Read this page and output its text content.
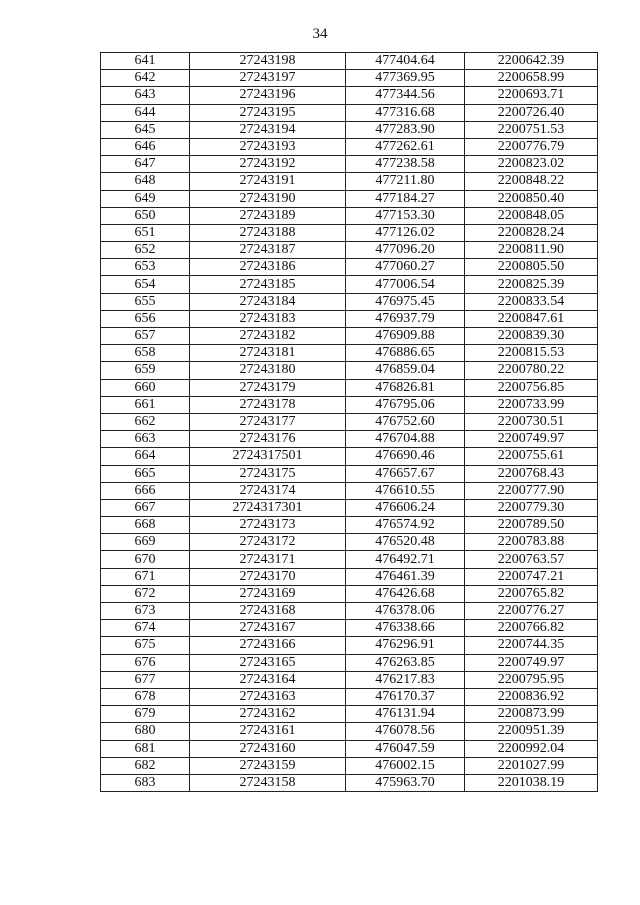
34
641	27243198	477404.64	2200642.39
642	27243197	477369.95	2200658.99
643	27243196	477344.56	2200693.71
644	27243195	477316.68	2200726.40
645	27243194	477283.90	2200751.53
646	27243193	477262.61	2200776.79
647	27243192	477238.58	2200823.02
648	27243191	477211.80	2200848.22
649	27243190	477184.27	2200850.40
650	27243189	477153.30	2200848.05
651	27243188	477126.02	2200828.24
652	27243187	477096.20	2200811.90
653	27243186	477060.27	2200805.50
654	27243185	477006.54	2200825.39
655	27243184	476975.45	2200833.54
656	27243183	476937.79	2200847.61
657	27243182	476909.88	2200839.30
658	27243181	476886.65	2200815.53
659	27243180	476859.04	2200780.22
660	27243179	476826.81	2200756.85
661	27243178	476795.06	2200733.99
662	27243177	476752.60	2200730.51
663	27243176	476704.88	2200749.97
664	2724317501	476690.46	2200755.61
665	27243175	476657.67	2200768.43
666	27243174	476610.55	2200777.90
667	2724317301	476606.24	2200779.30
668	27243173	476574.92	2200789.50
669	27243172	476520.48	2200783.88
670	27243171	476492.71	2200763.57
671	27243170	476461.39	2200747.21
672	27243169	476426.68	2200765.82
673	27243168	476378.06	2200776.27
674	27243167	476338.66	2200766.82
675	27243166	476296.91	2200744.35
676	27243165	476263.85	2200749.97
677	27243164	476217.83	2200795.95
678	27243163	476170.37	2200836.92
679	27243162	476131.94	2200873.99
680	27243161	476078.56	2200951.39
681	27243160	476047.59	2200992.04
682	27243159	476002.15	2201027.99
683	27243158	475963.70	2201038.19
